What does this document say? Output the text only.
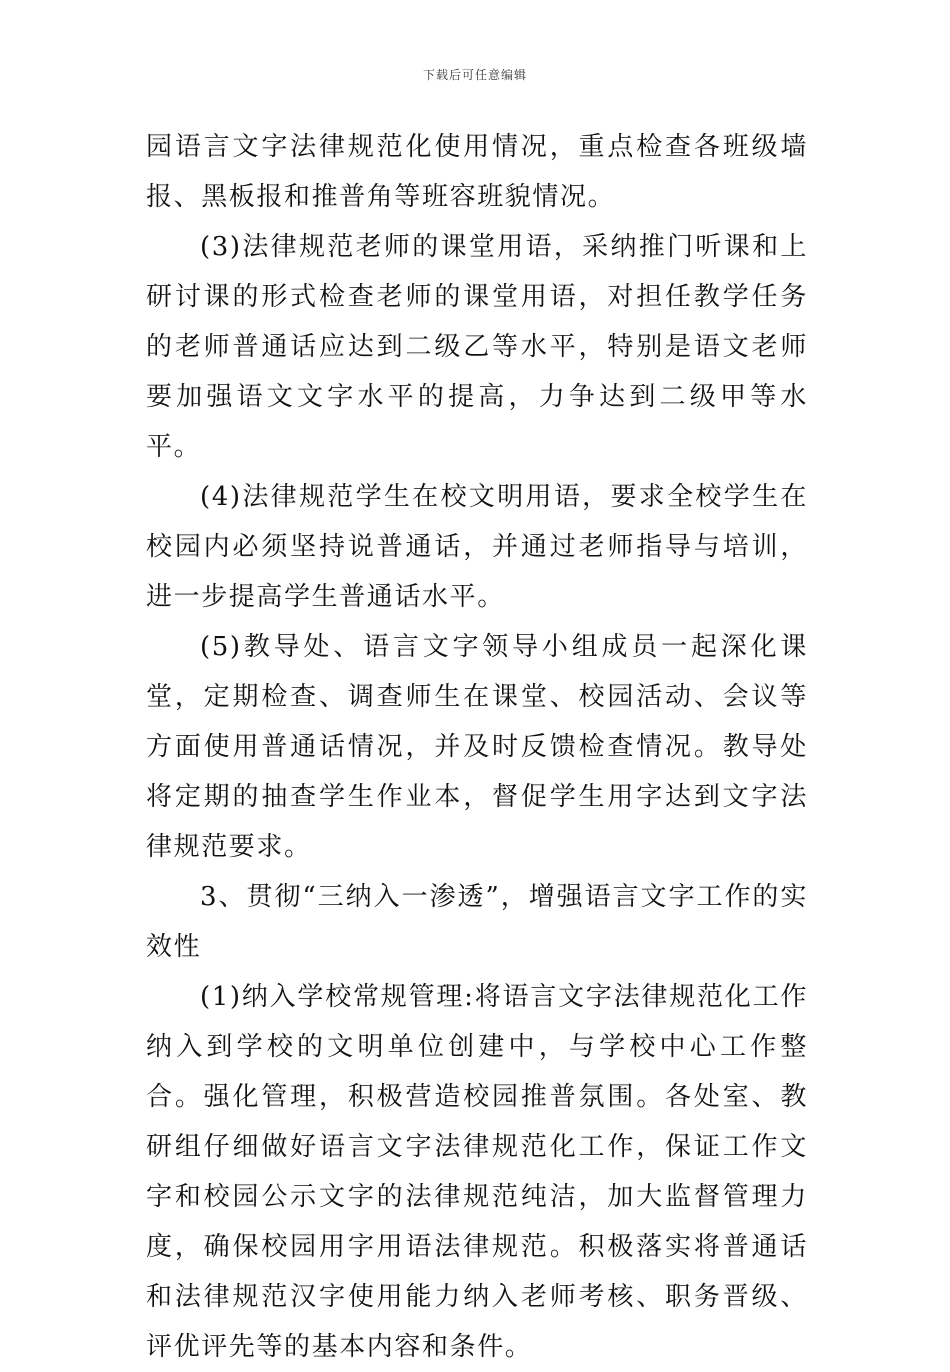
下载后可任意编辑

园语言文字法律规范化使用情况，重点检查各班级墙报、黑板报和推普角等班容班貌情况。

(3)法律规范老师的课堂用语，采纳推门听课和上研讨课的形式检查老师的课堂用语，对担任教学任务的老师普通话应达到二级乙等水平，特别是语文老师要加强语文文字水平的提高，力争达到二级甲等水平。

(4)法律规范学生在校文明用语，要求全校学生在校园内必须坚持说普通话，并通过老师指导与培训，进一步提高学生普通话水平。

(5)教导处、语言文字领导小组成员一起深化课堂，定期检查、调查师生在课堂、校园活动、会议等方面使用普通话情况，并及时反馈检查情况。教导处将定期的抽查学生作业本，督促学生用字达到文字法律规范要求。

3、贯彻“三纳入一渗透”，增强语言文字工作的实效性

(1)纳入学校常规管理:将语言文字法律规范化工作纳入到学校的文明单位创建中，与学校中心工作整合。强化管理，积极营造校园推普氛围。各处室、教研组仔细做好语言文字法律规范化工作，保证工作文字和校园公示文字的法律规范纯洁，加大监督管理力度，确保校园用字用语法律规范。积极落实将普通话和法律规范汉字使用能力纳入老师考核、职务晋级、评优评先等的基本内容和条件。
